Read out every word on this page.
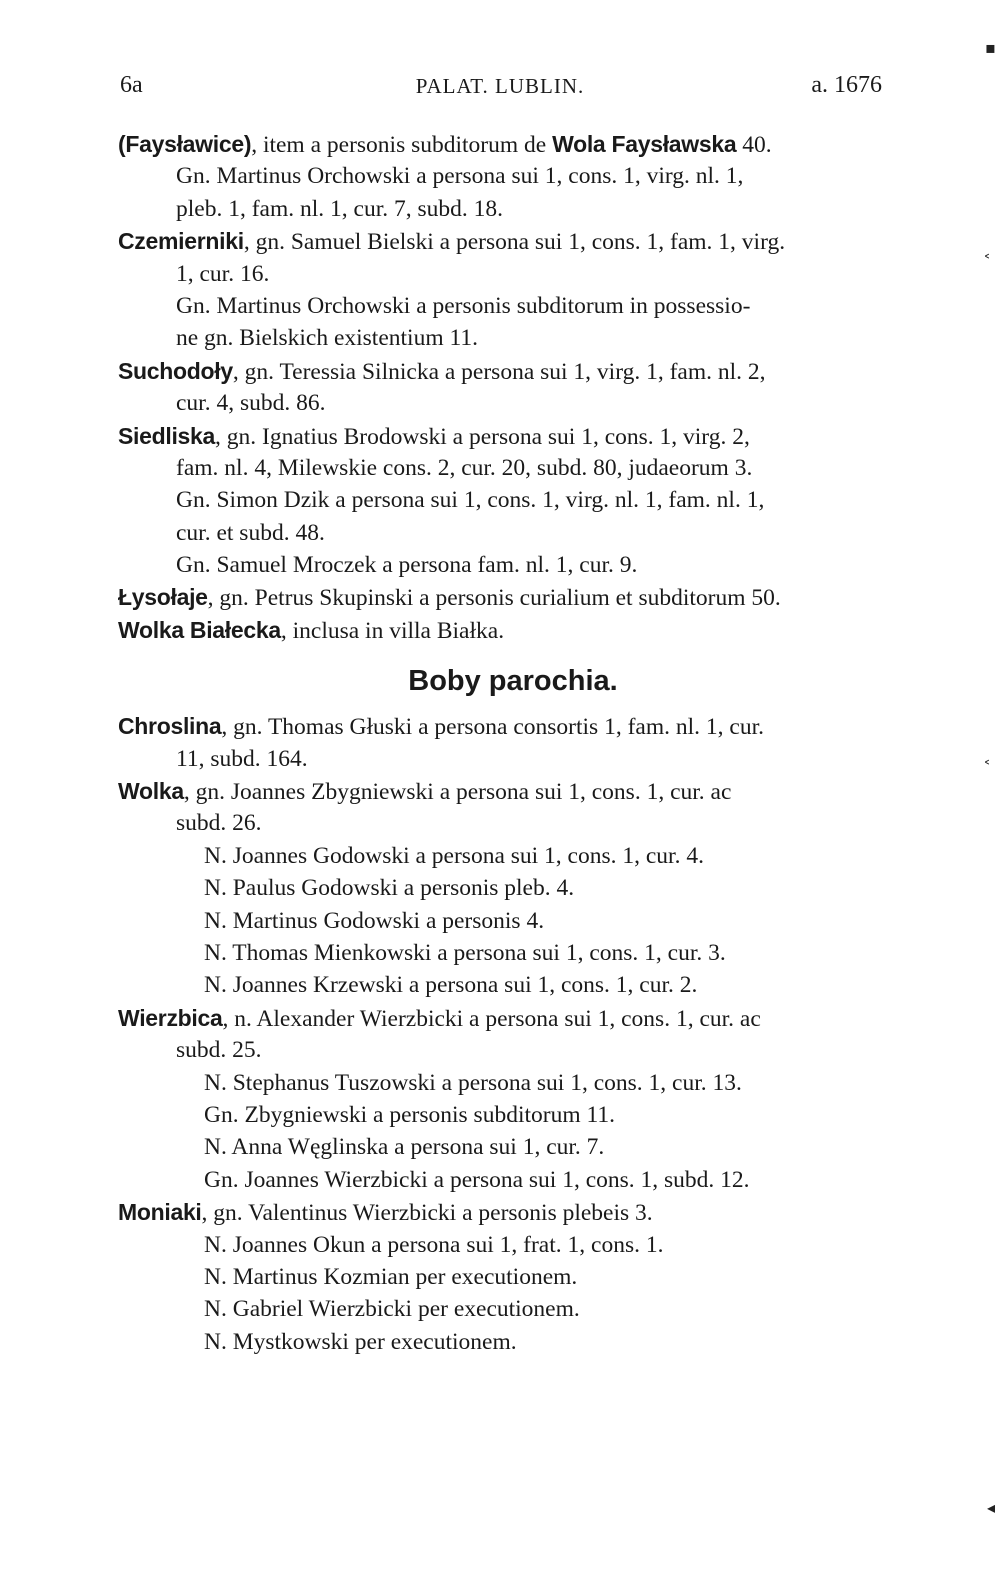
6a	PALAT. LUBLIN.	a. 1676
(Faysławice), item a personis subditorum de Wola Faysławska 40.
Gn. Martinus Orchowski a persona sui 1, cons. 1, virg. nl. 1,
pleb. 1, fam. nl. 1, cur. 7, subd. 18.
Czemierniki, gn. Samuel Bielski a persona sui 1, cons. 1, fam. 1, virg.
1, cur. 16.
Gn. Martinus Orchowski a personis subditorum in possessio-
ne gn. Bielskich existentium 11.
Suchodoły, gn. Teressia Silnicka a persona sui 1, virg. 1, fam. nl. 2,
cur. 4, subd. 86.
Siedliska, gn. Ignatius Brodowski a persona sui 1, cons. 1, virg. 2,
fam. nl. 4, Milewskie cons. 2, cur. 20, subd. 80, judaeorum 3.
Gn. Simon Dzik a persona sui 1, cons. 1, virg. nl. 1, fam. nl. 1,
cur. et subd. 48.
Gn. Samuel Mroczek a persona fam. nl. 1, cur. 9.
Łysołaje, gn. Petrus Skupinski a personis curialium et subditorum 50.
Wolka Białecka, inclusa in villa Białka.
Boby parochia.
Chroslina, gn. Thomas Głuski a persona consortis 1, fam. nl. 1, cur.
11, subd. 164.
Wolka, gn. Joannes Zbygniewski a persona sui 1, cons. 1, cur. ac
subd. 26.
N. Joannes Godowski a persona sui 1, cons. 1, cur. 4.
N. Paulus Godowski a personis pleb. 4.
N. Martinus Godowski a personis 4.
N. Thomas Mienkowski a persona sui 1, cons. 1, cur. 3.
N. Joannes Krzewski a persona sui 1, cons. 1, cur. 2.
Wierzbica, n. Alexander Wierzbicki a persona sui 1, cons. 1, cur. ac
subd. 25.
N. Stephanus Tuszowski a persona sui 1, cons. 1, cur. 13.
Gn. Zbygniewski a personis subditorum 11.
N. Anna Węglinska a persona sui 1, cur. 7.
Gn. Joannes Wierzbicki a persona sui 1, cons. 1, subd. 12.
Moniaki, gn. Valentinus Wierzbicki a personis plebeis 3.
N. Joannes Okun a persona sui 1, frat. 1, cons. 1.
N. Martinus Kozmian per executionem.
N. Gabriel Wierzbicki per executionem.
N. Mystkowski per executionem.
▪
˂
˂
◂
